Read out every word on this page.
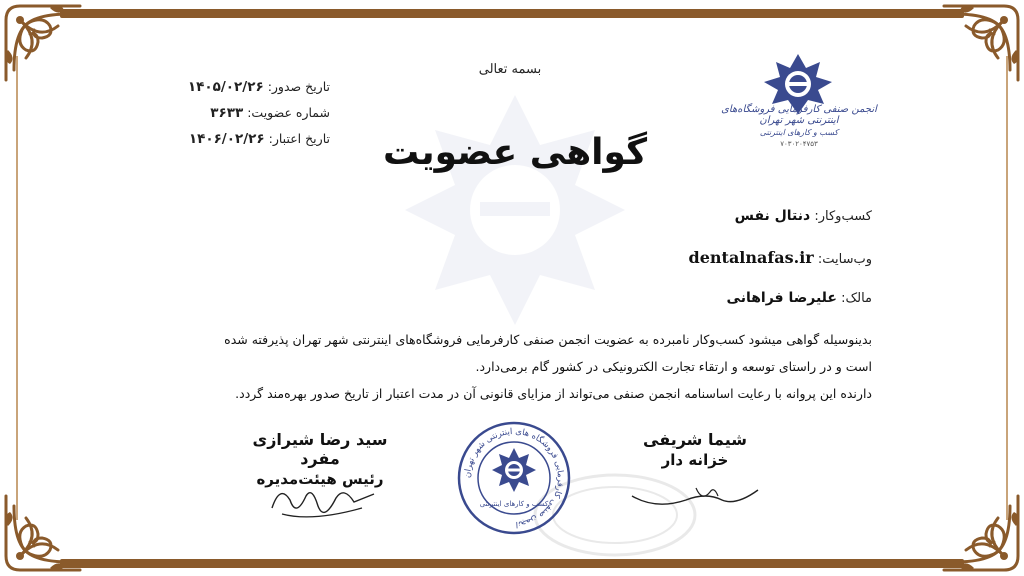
بسمه تعالی
گواهی عضویت
تاریخ صدور: ۱۴۰۵/۰۲/۲۶
شماره عضویت: ۳۶۳۳
تاریخ اعتبار: ۱۴۰۶/۰۲/۲۶
انجمن صنفی کارفرمایی فروشگاه‌های اینترنتی شهر تهران
کسب و کارهای اینترنتی
۷۰۳۰۲۰۴۷۵۳
کسب‌وکار: دنتال نفس
وب‌سایت: dentalnafas.ir
مالک: علیرضا فراهانی
بدینوسیله گواهی میشود کسب‌وکار نامبرده به عضویت انجمن صنفی کارفرمایی فروشگاه‌های اینترنتی شهر تهران پذیرفته شده
است و در راستای توسعه و ارتقاء تجارت الکترونیکی در کشور گام برمی‌دارد.
دارنده این پروانه با رعایت اساسنامه انجمن صنفی می‌تواند از مزایای قانونی آن در مدت اعتبار از تاریخ صدور بهره‌مند گردد.
سید رضا شیرازی مفرد
رئیس هیئت‌مدیره
شیما شریفی
خزانه دار
انجمن صنفی کارفرمایی فروشگاه های اینترنتی شهر تهران
کسب و کارهای اینترنتی
